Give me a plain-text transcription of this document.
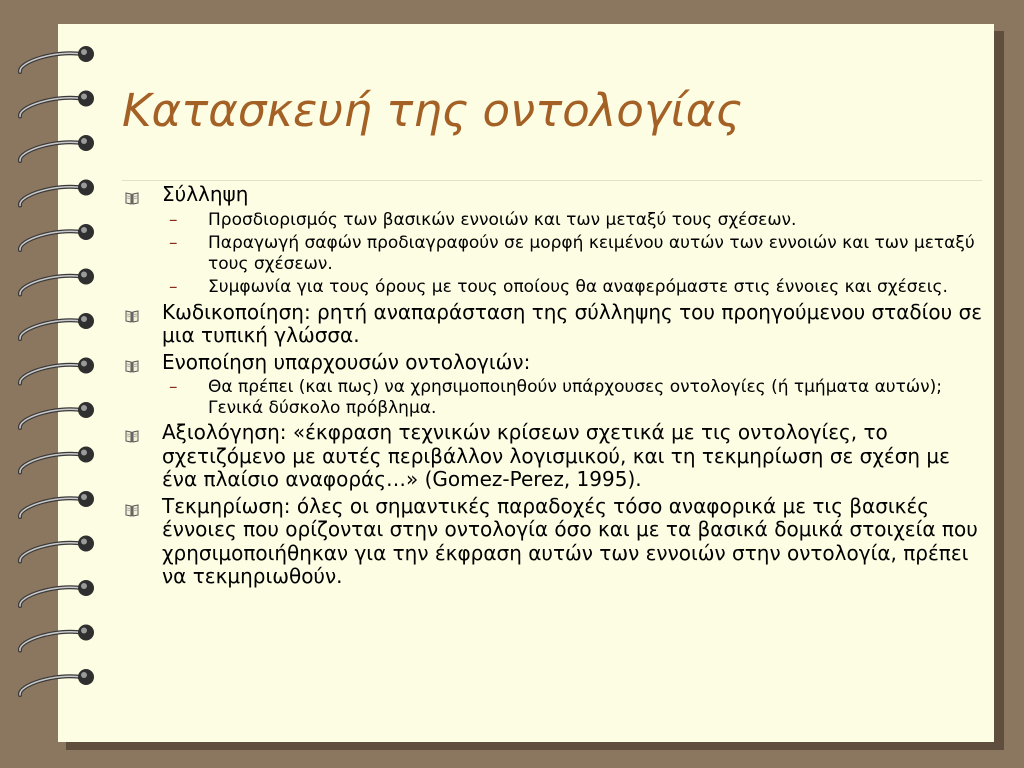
Κατασκευή της οντολογίας
Σύλληψη
– Προσδιορισμός των βασικών εννοιών και των μεταξύ τους σχέσεων.
– Παραγωγή σαφών προδιαγραφούν σε μορφή κειμένου αυτών των εννοιών και των μεταξύ τους σχέσεων.
– Συμφωνία για τους όρους με τους οποίους θα αναφερόμαστε στις έννοιες και σχέσεις.
Κωδικοποίηση: ρητή αναπαράσταση της σύλληψης του προηγούμενου σταδίου σε μια τυπική γλώσσα.
Ενοποίηση υπαρχουσών οντολογιών:
– Θα πρέπει (και πως) να χρησιμοποιηθούν υπάρχουσες οντολογίες (ή τμήματα αυτών); Γενικά δύσκολο πρόβλημα.
Αξιολόγηση: «έκφραση τεχνικών κρίσεων σχετικά με τις οντολογίες, το σχετιζόμενο με αυτές περιβάλλον λογισμικού, και τη τεκμηρίωση σε σχέση με ένα πλαίσιο αναφοράς…» (Gomez-Perez, 1995).
Τεκμηρίωση: όλες οι σημαντικές παραδοχές τόσο αναφορικά με τις βασικές έννοιες που ορίζονται στην οντολογία όσο και με τα βασικά δομικά στοιχεία που χρησιμοποιήθηκαν για την έκφραση αυτών των εννοιών στην οντολογία, πρέπει να τεκμηριωθούν.
